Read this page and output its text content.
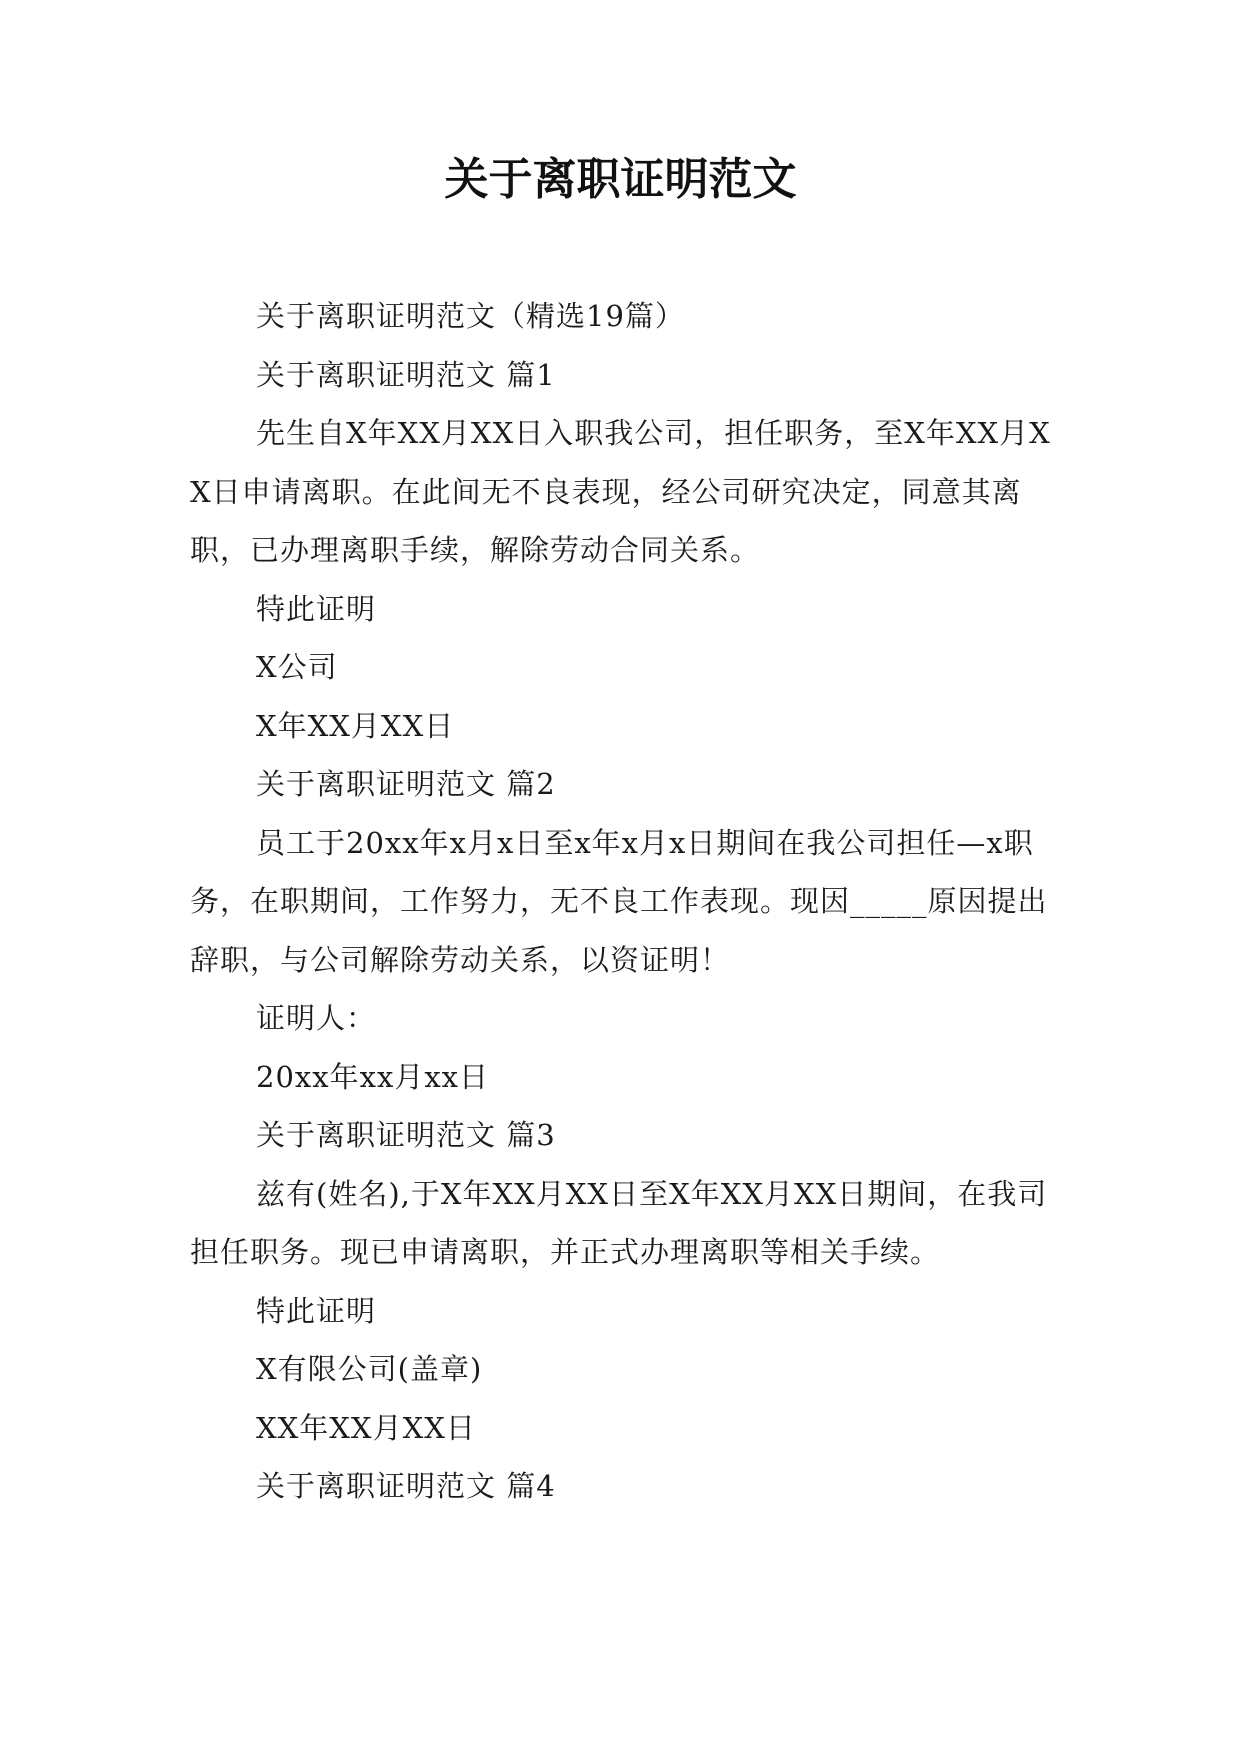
关于离职证明范文

关于离职证明范文（精选19篇）

关于离职证明范文 篇1

先生自X年XX月XX日入职我公司，担任职务，至X年XX月XX日申请离职。在此间无不良表现，经公司研究决定，同意其离职，已办理离职手续，解除劳动合同关系。

特此证明

X公司

X年XX月XX日

关于离职证明范文 篇2

员工于20xx年x月x日至x年x月x日期间在我公司担任—x职务，在职期间，工作努力，无不良工作表现。现因_____原因提出辞职，与公司解除劳动关系，以资证明！

证明人：

20xx年xx月xx日

关于离职证明范文 篇3

兹有(姓名),于X年XX月XX日至X年XX月XX日期间，在我司担任职务。现已申请离职，并正式办理离职等相关手续。

特此证明

X有限公司(盖章)

XX年XX月XX日

关于离职证明范文 篇4
